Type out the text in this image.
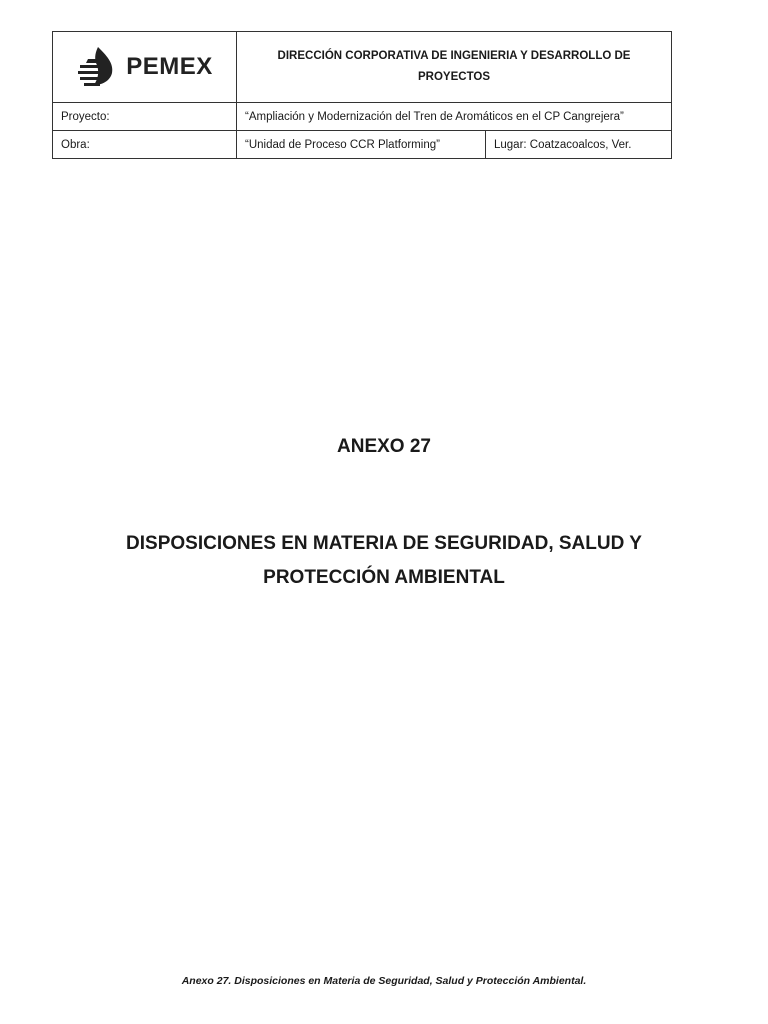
PEMEX	DIRECCIÓN CORPORATIVA DE INGENIERIA Y DESARROLLO DE
PROYECTOS	

Proyecto:	“Ampliación y Modernización del Tren de Aromáticos en el CP Cangrejera”	
Obra:	“Unidad de Proceso CCR Platforming”	Lugar: Coatzacoalcos, Ver.
ANEXO 27
DISPOSICIONES EN MATERIA DE SEGURIDAD, SALUD Y
PROTECCIÓN AMBIENTAL

Anexo 27. Disposiciones en Materia de Seguridad, Salud y Protección Ambiental.
